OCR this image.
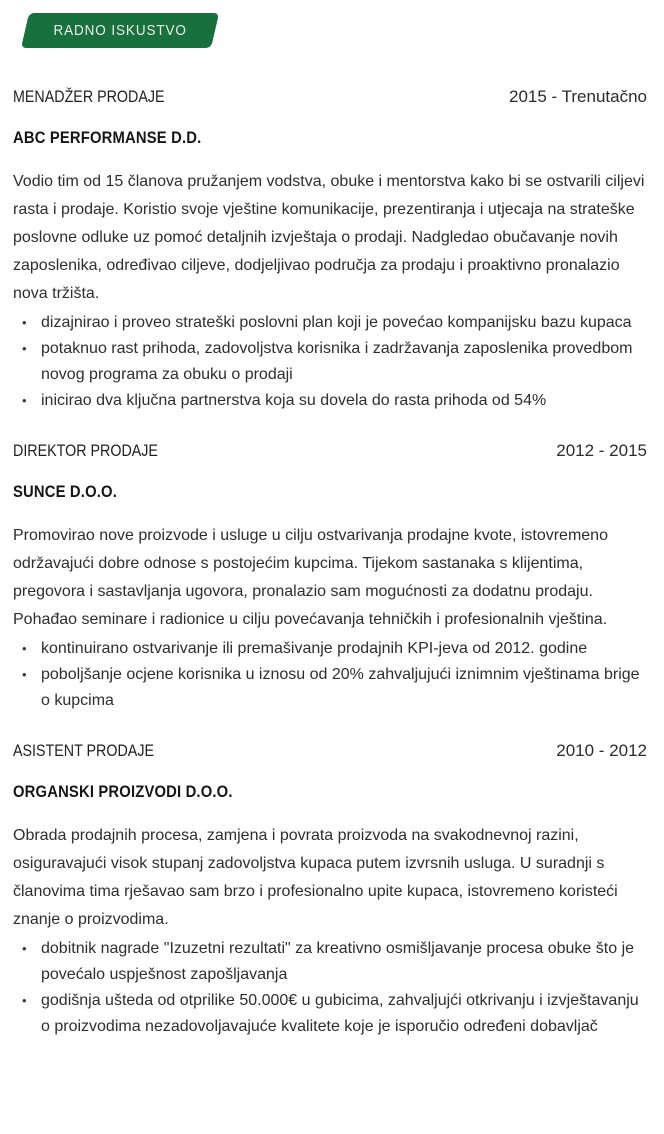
RADNO ISKUSTVO
MENADŽER PRODAJE	2015 - Trenutačno
ABC PERFORMANSE D.D.

Vodio tim od 15 članova pružanjem vodstva, obuke i mentorstva kako bi se ostvarili ciljevi rasta i prodaje. Koristio svoje vještine komunikacije, prezentiranja i utjecaja na strateške poslovne odluke uz pomoć detaljnih izvještaja o prodaji. Nadgledao obučavanje novih zaposlenika, određivao ciljeve, dodjeljivao područja za prodaju i proaktivno pronalazio nova tržišta.

• dizajnirao i proveo strateški poslovni plan koji je povećao kompanijsku bazu kupaca
• potaknuo rast prihoda, zadovoljstva korisnika i zadržavanja zaposlenika provedbom novog programa za obuku o prodaji
• inicirao dva ključna partnerstva koja su dovela do rasta prihoda od 54%
DIREKTOR PRODAJE	2012 - 2015
SUNCE D.O.O.

Promovirao nove proizvode i usluge u cilju ostvarivanja prodajne kvote, istovremeno održavajući dobre odnose s postojećim kupcima. Tijekom sastanaka s klijentima, pregovora i sastavljanja ugovora, pronalazio sam mogućnosti za dodatnu prodaju. Pohađao seminare i radionice u cilju povećavanja tehničkih i profesionalnih vještina.

• kontinuirano ostvarivanje ili premašivanje prodajnih KPI-jeva od 2012. godine
• poboljšanje ocjene korisnika u iznosu od 20% zahvaljujući iznimnim vještinama brige o kupcima
ASISTENT PRODAJE	2010 - 2012
ORGANSKI PROIZVODI D.O.O.

Obrada prodajnih procesa, zamjena i povrata proizvoda na svakodnevnoj razini, osiguravajući visok stupanj zadovoljstva kupaca putem izvrsnih usluga. U suradnji s članovima tima rješavao sam brzo i profesionalno upite kupaca, istovremeno koristeći znanje o proizvodima.

• dobitnik nagrade "Izuzetni rezultati" za kreativno osmišljavanje procesa obuke što je povećalo uspješnost zapošljavanja
• godišnja ušteda od otprilike 50.000€ u gubicima, zahvaljujći otkrivanju i izvještavanju o proizvodima nezadovoljavajuće kvalitete koje je isporučio određeni dobavljač
